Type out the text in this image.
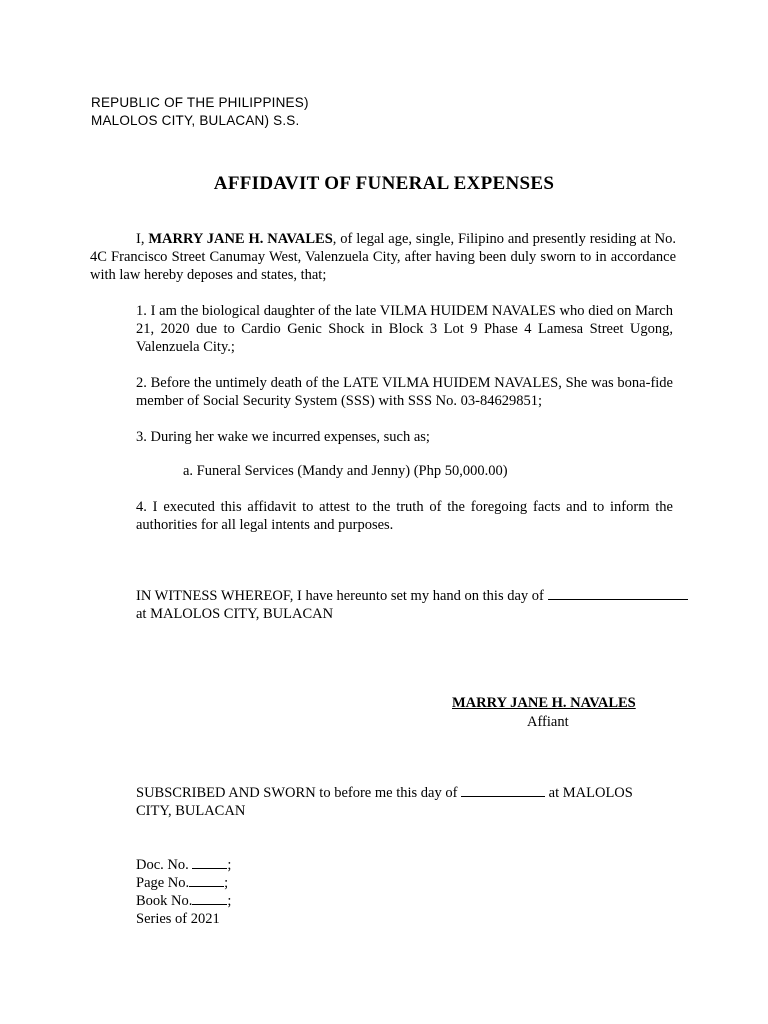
REPUBLIC OF THE PHILIPPINES)
MALOLOS CITY, BULACAN) S.S.
AFFIDAVIT OF FUNERAL EXPENSES

I, MARRY JANE H. NAVALES, of legal age, single, Filipino and presently residing at No. 4C Francisco Street Canumay West, Valenzuela City, after having been duly sworn to in accordance with law hereby deposes and states, that;

1. I am the biological daughter of the late VILMA HUIDEM NAVALES who died on March 21, 2020 due to Cardio Genic Shock in Block 3 Lot 9 Phase 4 Lamesa Street Ugong, Valenzuela City.;

2. Before the untimely death of the LATE VILMA HUIDEM NAVALES, She was bona-fide member of Social Security System (SSS) with SSS No. 03-84629851;

3. During her wake we incurred expenses, such as;

a. Funeral Services (Mandy and Jenny) (Php 50,000.00)

4. I executed this affidavit to attest to the truth of the foregoing facts and to inform the authorities for all legal intents and purposes.

IN WITNESS WHEREOF, I have hereunto set my hand on this day of
at MALOLOS CITY, BULACAN

MARRY JANE H. NAVALES
Affiant

SUBSCRIBED AND SWORN to before me this day of	at MALOLOS CITY, BULACAN

Doc. No. ;
Page No. ;
Book No. ;
Series of 2021
